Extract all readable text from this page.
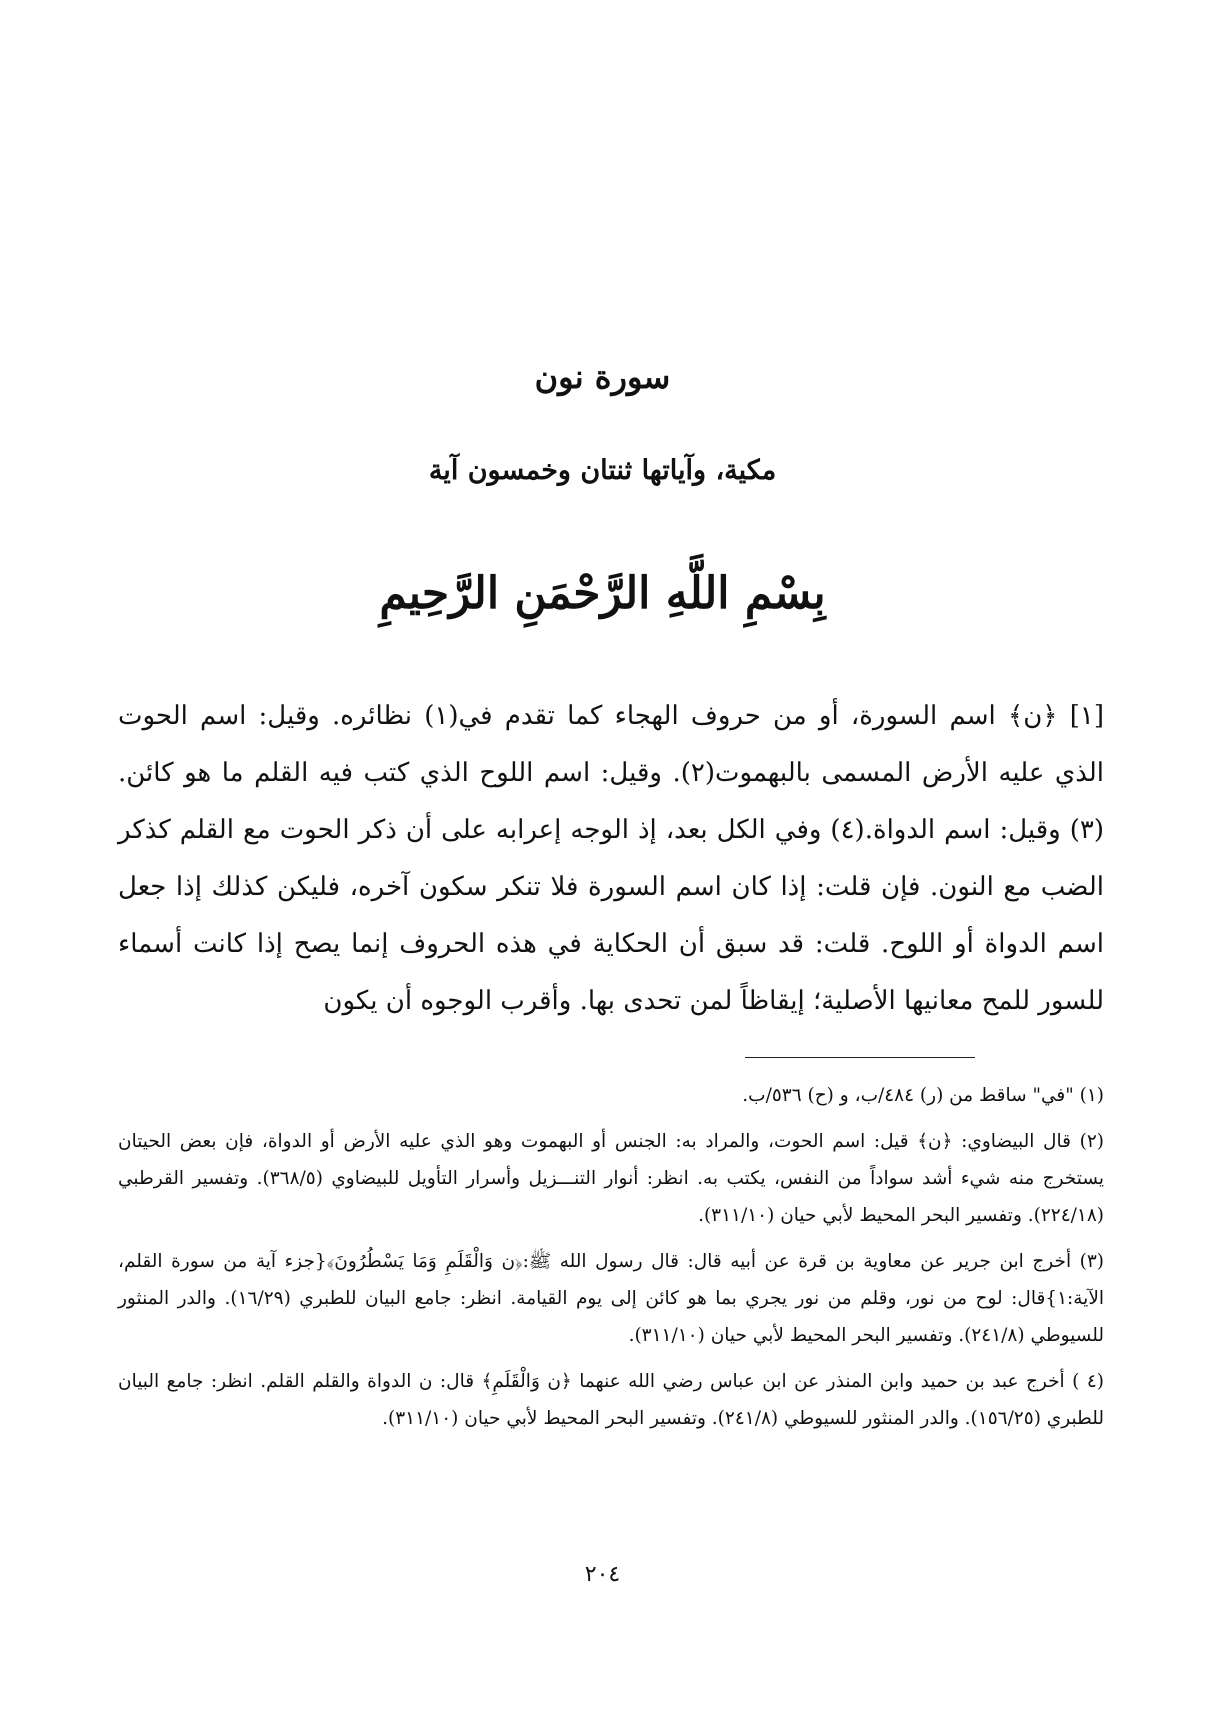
سورة نون
مكية، وآياتها ثنتان وخمسون آية
بِسْمِ اللَّهِ الرَّحْمَنِ الرَّحِيمِ

[١] ﴿ن﴾ اسم السورة، أو من حروف الهجاء كما تقدم في(١) نظائره. وقيل: اسم الحوت الذي عليه الأرض المسمى بالبهموت(٢). وقيل: اسم اللوح الذي كتب فيه القلم ما هو كائن.(٣) وقيل: اسم الدواة.(٤) وفي الكل بعد، إذ الوجه إعرابه على أن ذكر الحوت مع القلم كذكر الضب مع النون. فإن قلت: إذا كان اسم السورة فلا تنكر سكون آخره، فليكن كذلك إذا جعل اسم الدواة أو اللوح. قلت: قد سبق أن الحكاية في هذه الحروف إنما يصح إذا كانت أسماء للسور للمح معانيها الأصلية؛ إيقاظاً لمن تحدى بها. وأقرب الوجوه أن يكون

(١) "في" ساقط من (ر) ٤٨٤/ب، و (ح) ٥٣٦/ب.

(٢) قال البيضاوي: ﴿ن﴾ قيل: اسم الحوت، والمراد به: الجنس أو البهموت وهو الذي عليه الأرض أو الدواة، فإن بعض الحيتان يستخرج منه شيء أشد سواداً من النفس، يكتب به. انظر: أنوار التنـــزيل وأسرار التأويل للبيضاوي (٣٦٨/٥). وتفسير القرطبي (٢٢٤/١٨). وتفسير البحر المحيط لأبي حيان (٣١١/١٠).

(٣) أخرج ابن جرير عن معاوية بن قرة عن أبيه قال: قال رسول الله ﷺ:﴿ن وَالْقَلَمِ وَمَا يَسْطُرُونَ﴾{جزء آية من سورة القلم، الآية:١}قال: لوح من نور، وقلم من نور يجري بما هو كائن إلى يوم القيامة. انظر: جامع البيان للطبري (١٦/٢٩). والدر المنثور للسيوطي (٢٤١/٨). وتفسير البحر المحيط لأبي حيان (٣١١/١٠).

(٤ ) أخرج عبد بن حميد وابن المنذر عن ابن عباس رضي الله عنهما ﴿ن وَالْقَلَمِ﴾ قال: ن الدواة والقلم القلم. انظر: جامع البيان للطبري (١٥٦/٢٥). والدر المنثور للسيوطي (٢٤١/٨). وتفسير البحر المحيط لأبي حيان (٣١١/١٠).

٢٠٤
